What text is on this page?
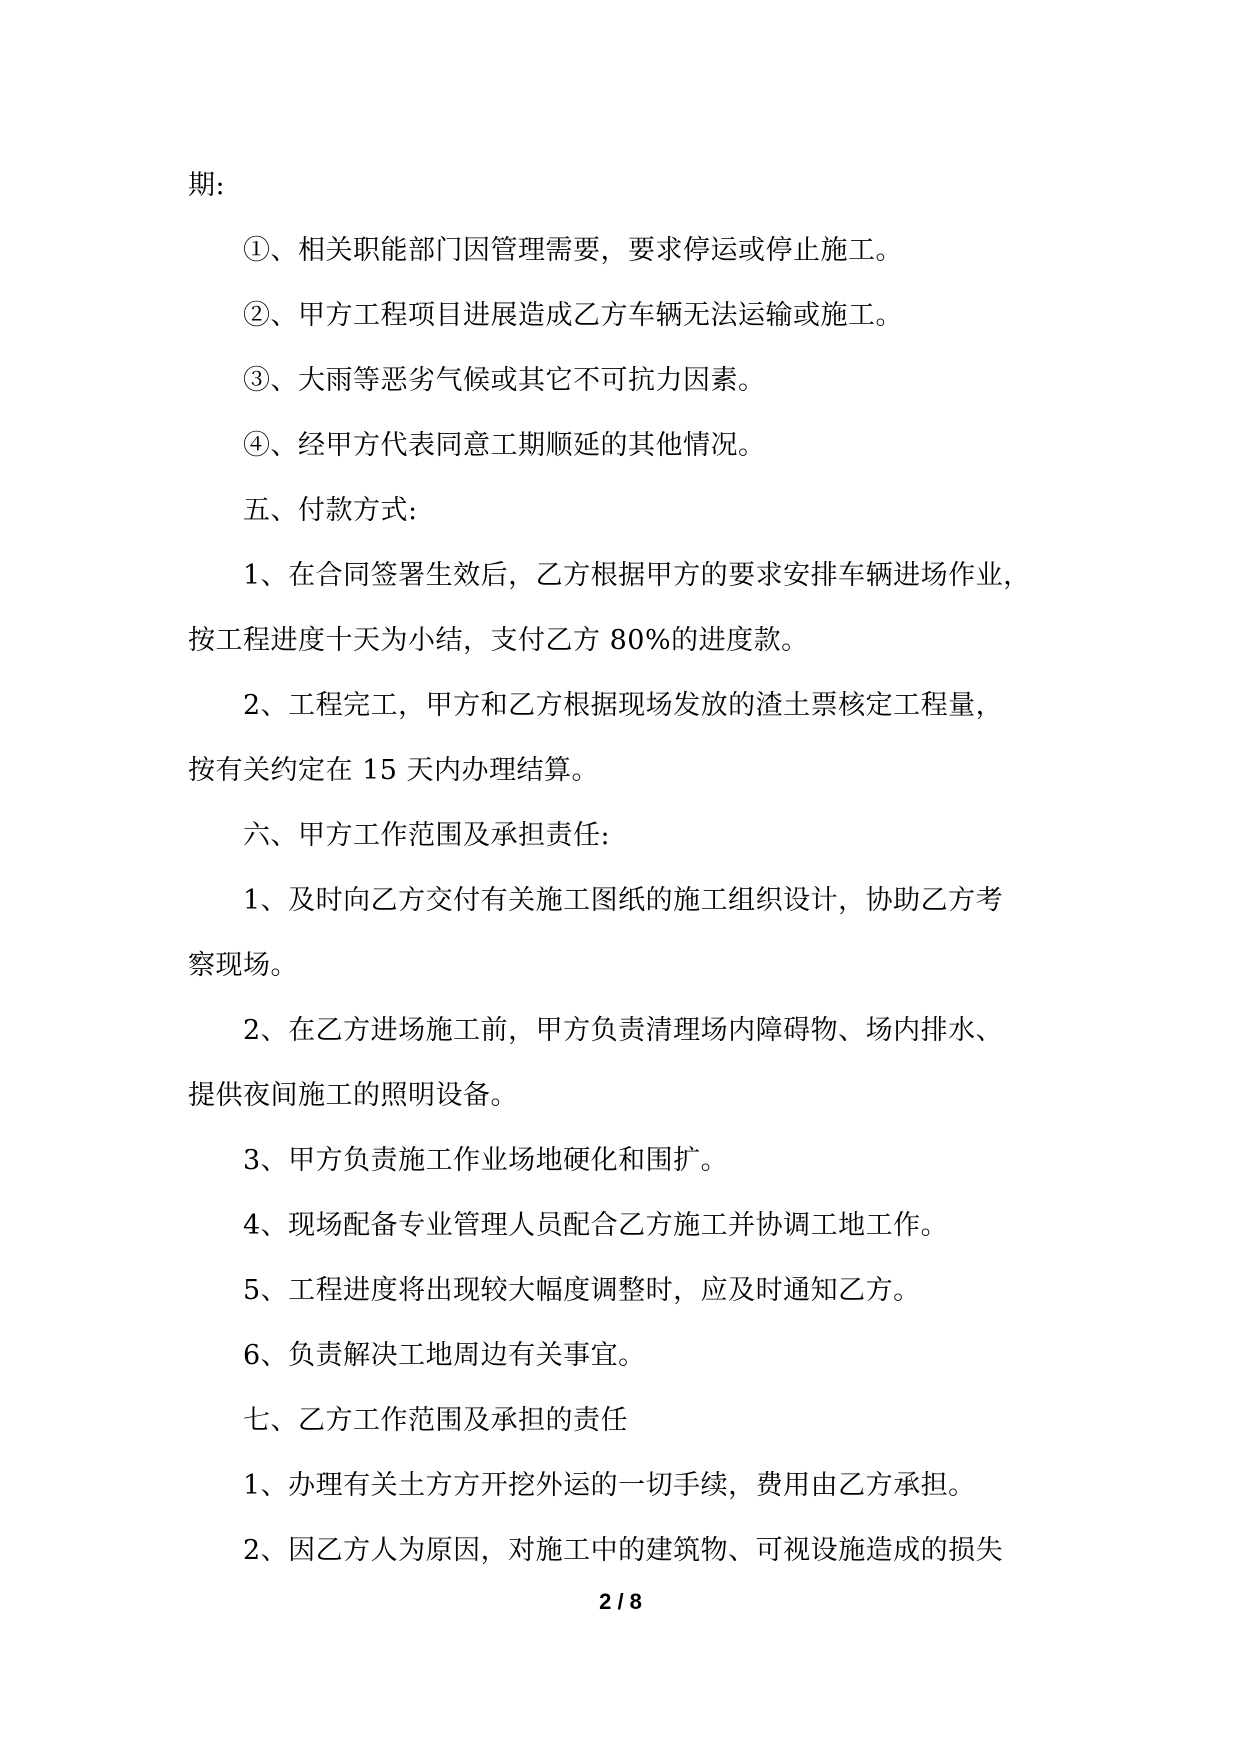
期:
①、相关职能部门因管理需要，要求停运或停止施工。
②、甲方工程项目进展造成乙方车辆无法运输或施工。
③、大雨等恶劣气候或其它不可抗力因素。
④、经甲方代表同意工期顺延的其他情况。
五、付款方式:
1、在合同签署生效后，乙方根据甲方的要求安排车辆进场作业，
按工程进度十天为小结，支付乙方 80%的进度款。
2、工程完工，甲方和乙方根据现场发放的渣土票核定工程量，
按有关约定在 15 天内办理结算。
六、甲方工作范围及承担责任:
1、及时向乙方交付有关施工图纸的施工组织设计，协助乙方考
察现场。
2、在乙方进场施工前，甲方负责清理场内障碍物、场内排水、
提供夜间施工的照明设备。
3、甲方负责施工作业场地硬化和围扩。
4、现场配备专业管理人员配合乙方施工并协调工地工作。
5、工程进度将出现较大幅度调整时，应及时通知乙方。
6、负责解决工地周边有关事宜。
七、乙方工作范围及承担的责任
1、办理有关土方方开挖外运的一切手续，费用由乙方承担。
2、因乙方人为原因，对施工中的建筑物、可视设施造成的损失
2 / 8
